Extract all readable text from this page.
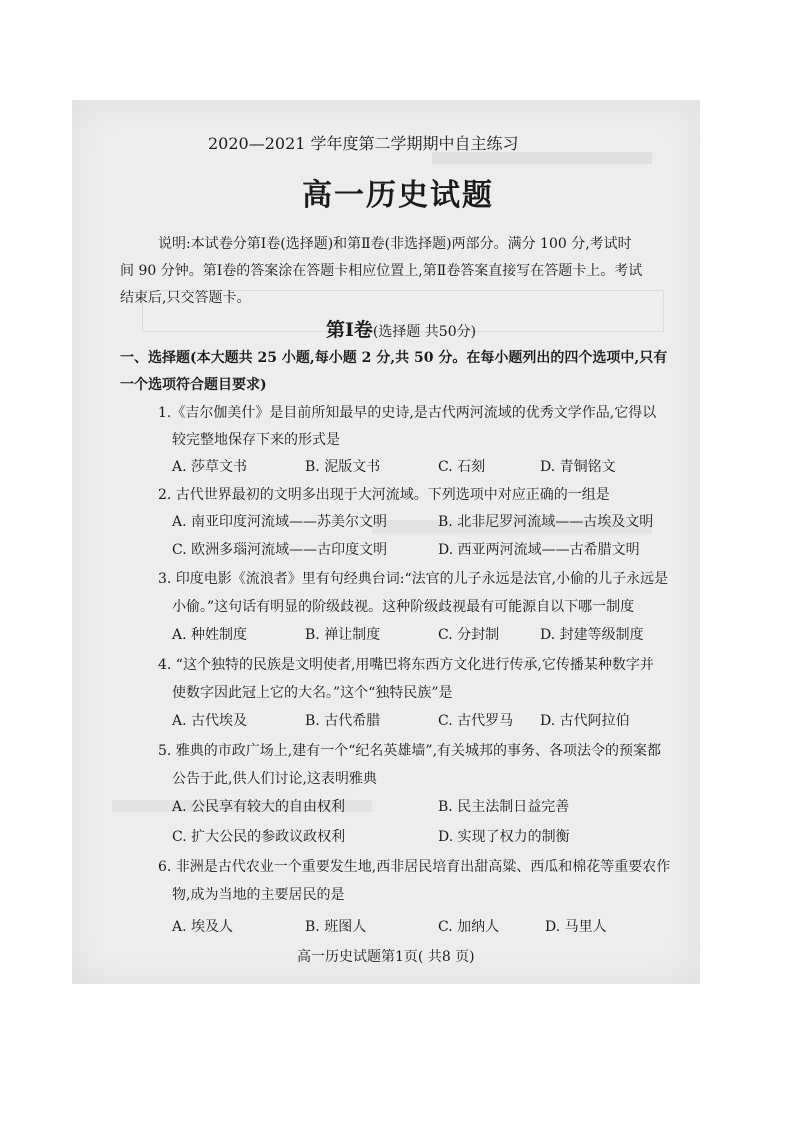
2020—2021 学年度第二学期期中自主练习
高一历史试题
说明:本试卷分第Ⅰ卷(选择题)和第Ⅱ卷(非选择题)两部分。满分 100 分,考试时
间 90 分钟。第Ⅰ卷的答案涂在答题卡相应位置上,第Ⅱ卷答案直接写在答题卡上。考试
结束后,只交答题卡。
第Ⅰ卷(选择题 共50分)
一、选择题(本大题共 25 小题,每小题 2 分,共 50 分。在每小题列出的四个选项中,只有
一个选项符合题目要求)
1.《吉尔伽美什》是目前所知最早的史诗,是古代两河流域的优秀文学作品,它得以
较完整地保存下来的形式是
A. 莎草文书	B. 泥版文书	C. 石刻	D. 青铜铭文
2. 古代世界最初的文明多出现于大河流域。下列选项中对应正确的一组是
A. 南亚印度河流域——苏美尔文明	B. 北非尼罗河流域——古埃及文明
C. 欧洲多瑙河流域——古印度文明	D. 西亚两河流域——古希腊文明
3. 印度电影《流浪者》里有句经典台词:“法官的儿子永远是法官,小偷的儿子永远是
小偷。”这句话有明显的阶级歧视。这种阶级歧视最有可能源自以下哪一制度
A. 种姓制度	B. 禅让制度	C. 分封制	D. 封建等级制度
4. “这个独特的民族是文明使者,用嘴巴将东西方文化进行传承,它传播某种数字并
使数字因此冠上它的大名。”这个“独特民族”是
A. 古代埃及	B. 古代希腊	C. 古代罗马 D. 古代阿拉伯
5. 雅典的市政广场上,建有一个“纪名英雄墙”,有关城邦的事务、各项法令的预案都
公告于此,供人们讨论,这表明雅典
A. 公民享有较大的自由权利	B. 民主法制日益完善
C. 扩大公民的参政议政权利	D. 实现了权力的制衡
6. 非洲是古代农业一个重要发生地,西非居民培育出甜高粱、西瓜和棉花等重要农作
物,成为当地的主要居民的是
A. 埃及人	B. 班图人	C. 加纳人	D. 马里人
高一历史试题第1页( 共8 页)
